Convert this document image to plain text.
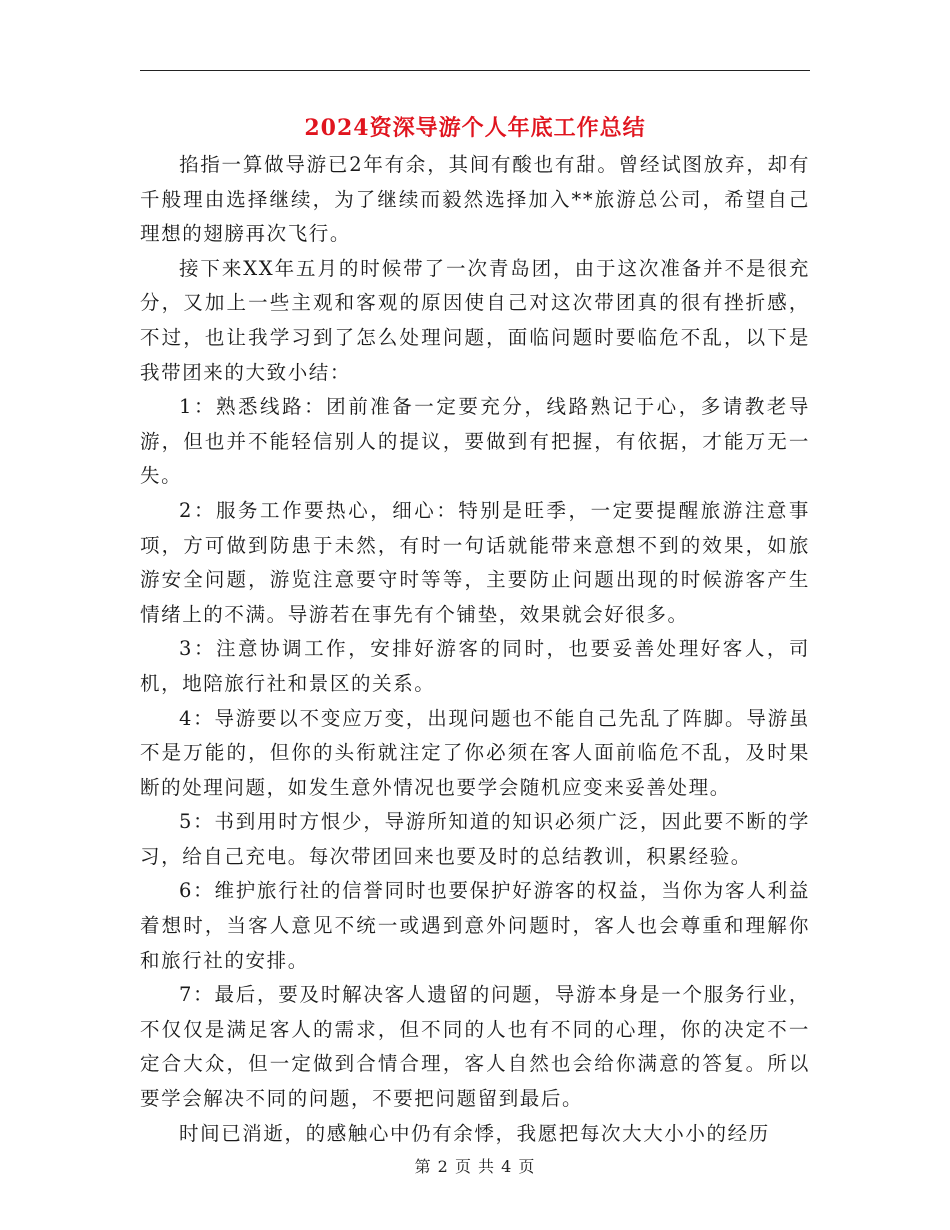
2024资深导游个人年底工作总结

掐指一算做导游已2年有余，其间有酸也有甜。曾经试图放弃，却有千般理由选择继续，为了继续而毅然选择加入**旅游总公司，希望自己理想的翅膀再次飞行。

接下来XX年五月的时候带了一次青岛团，由于这次准备并不是很充分，又加上一些主观和客观的原因使自己对这次带团真的很有挫折感，不过，也让我学习到了怎么处理问题，面临问题时要临危不乱，以下是我带团来的大致小结：

1：熟悉线路：团前准备一定要充分，线路熟记于心，多请教老导游，但也并不能轻信别人的提议，要做到有把握，有依据，才能万无一失。

2：服务工作要热心，细心：特别是旺季，一定要提醒旅游注意事项，方可做到防患于未然，有时一句话就能带来意想不到的效果，如旅游安全问题，游览注意要守时等等，主要防止问题出现的时候游客产生情绪上的不满。导游若在事先有个铺垫，效果就会好很多。

3：注意协调工作，安排好游客的同时，也要妥善处理好客人，司机，地陪旅行社和景区的关系。

4：导游要以不变应万变，出现问题也不能自己先乱了阵脚。导游虽不是万能的，但你的头衔就注定了你必须在客人面前临危不乱，及时果断的处理问题，如发生意外情况也要学会随机应变来妥善处理。

5：书到用时方恨少，导游所知道的知识必须广泛，因此要不断的学习，给自己充电。每次带团回来也要及时的总结教训，积累经验。

6：维护旅行社的信誉同时也要保护好游客的权益，当你为客人利益着想时，当客人意见不统一或遇到意外问题时，客人也会尊重和理解你和旅行社的安排。

7：最后，要及时解决客人遗留的问题，导游本身是一个服务行业，不仅仅是满足客人的需求，但不同的人也有不同的心理，你的决定不一定合大众，但一定做到合情合理，客人自然也会给你满意的答复。所以要学会解决不同的问题，不要把问题留到最后。

时间已消逝，的感触心中仍有余悸，我愿把每次大大小小的经历

第 2 页 共 4 页
